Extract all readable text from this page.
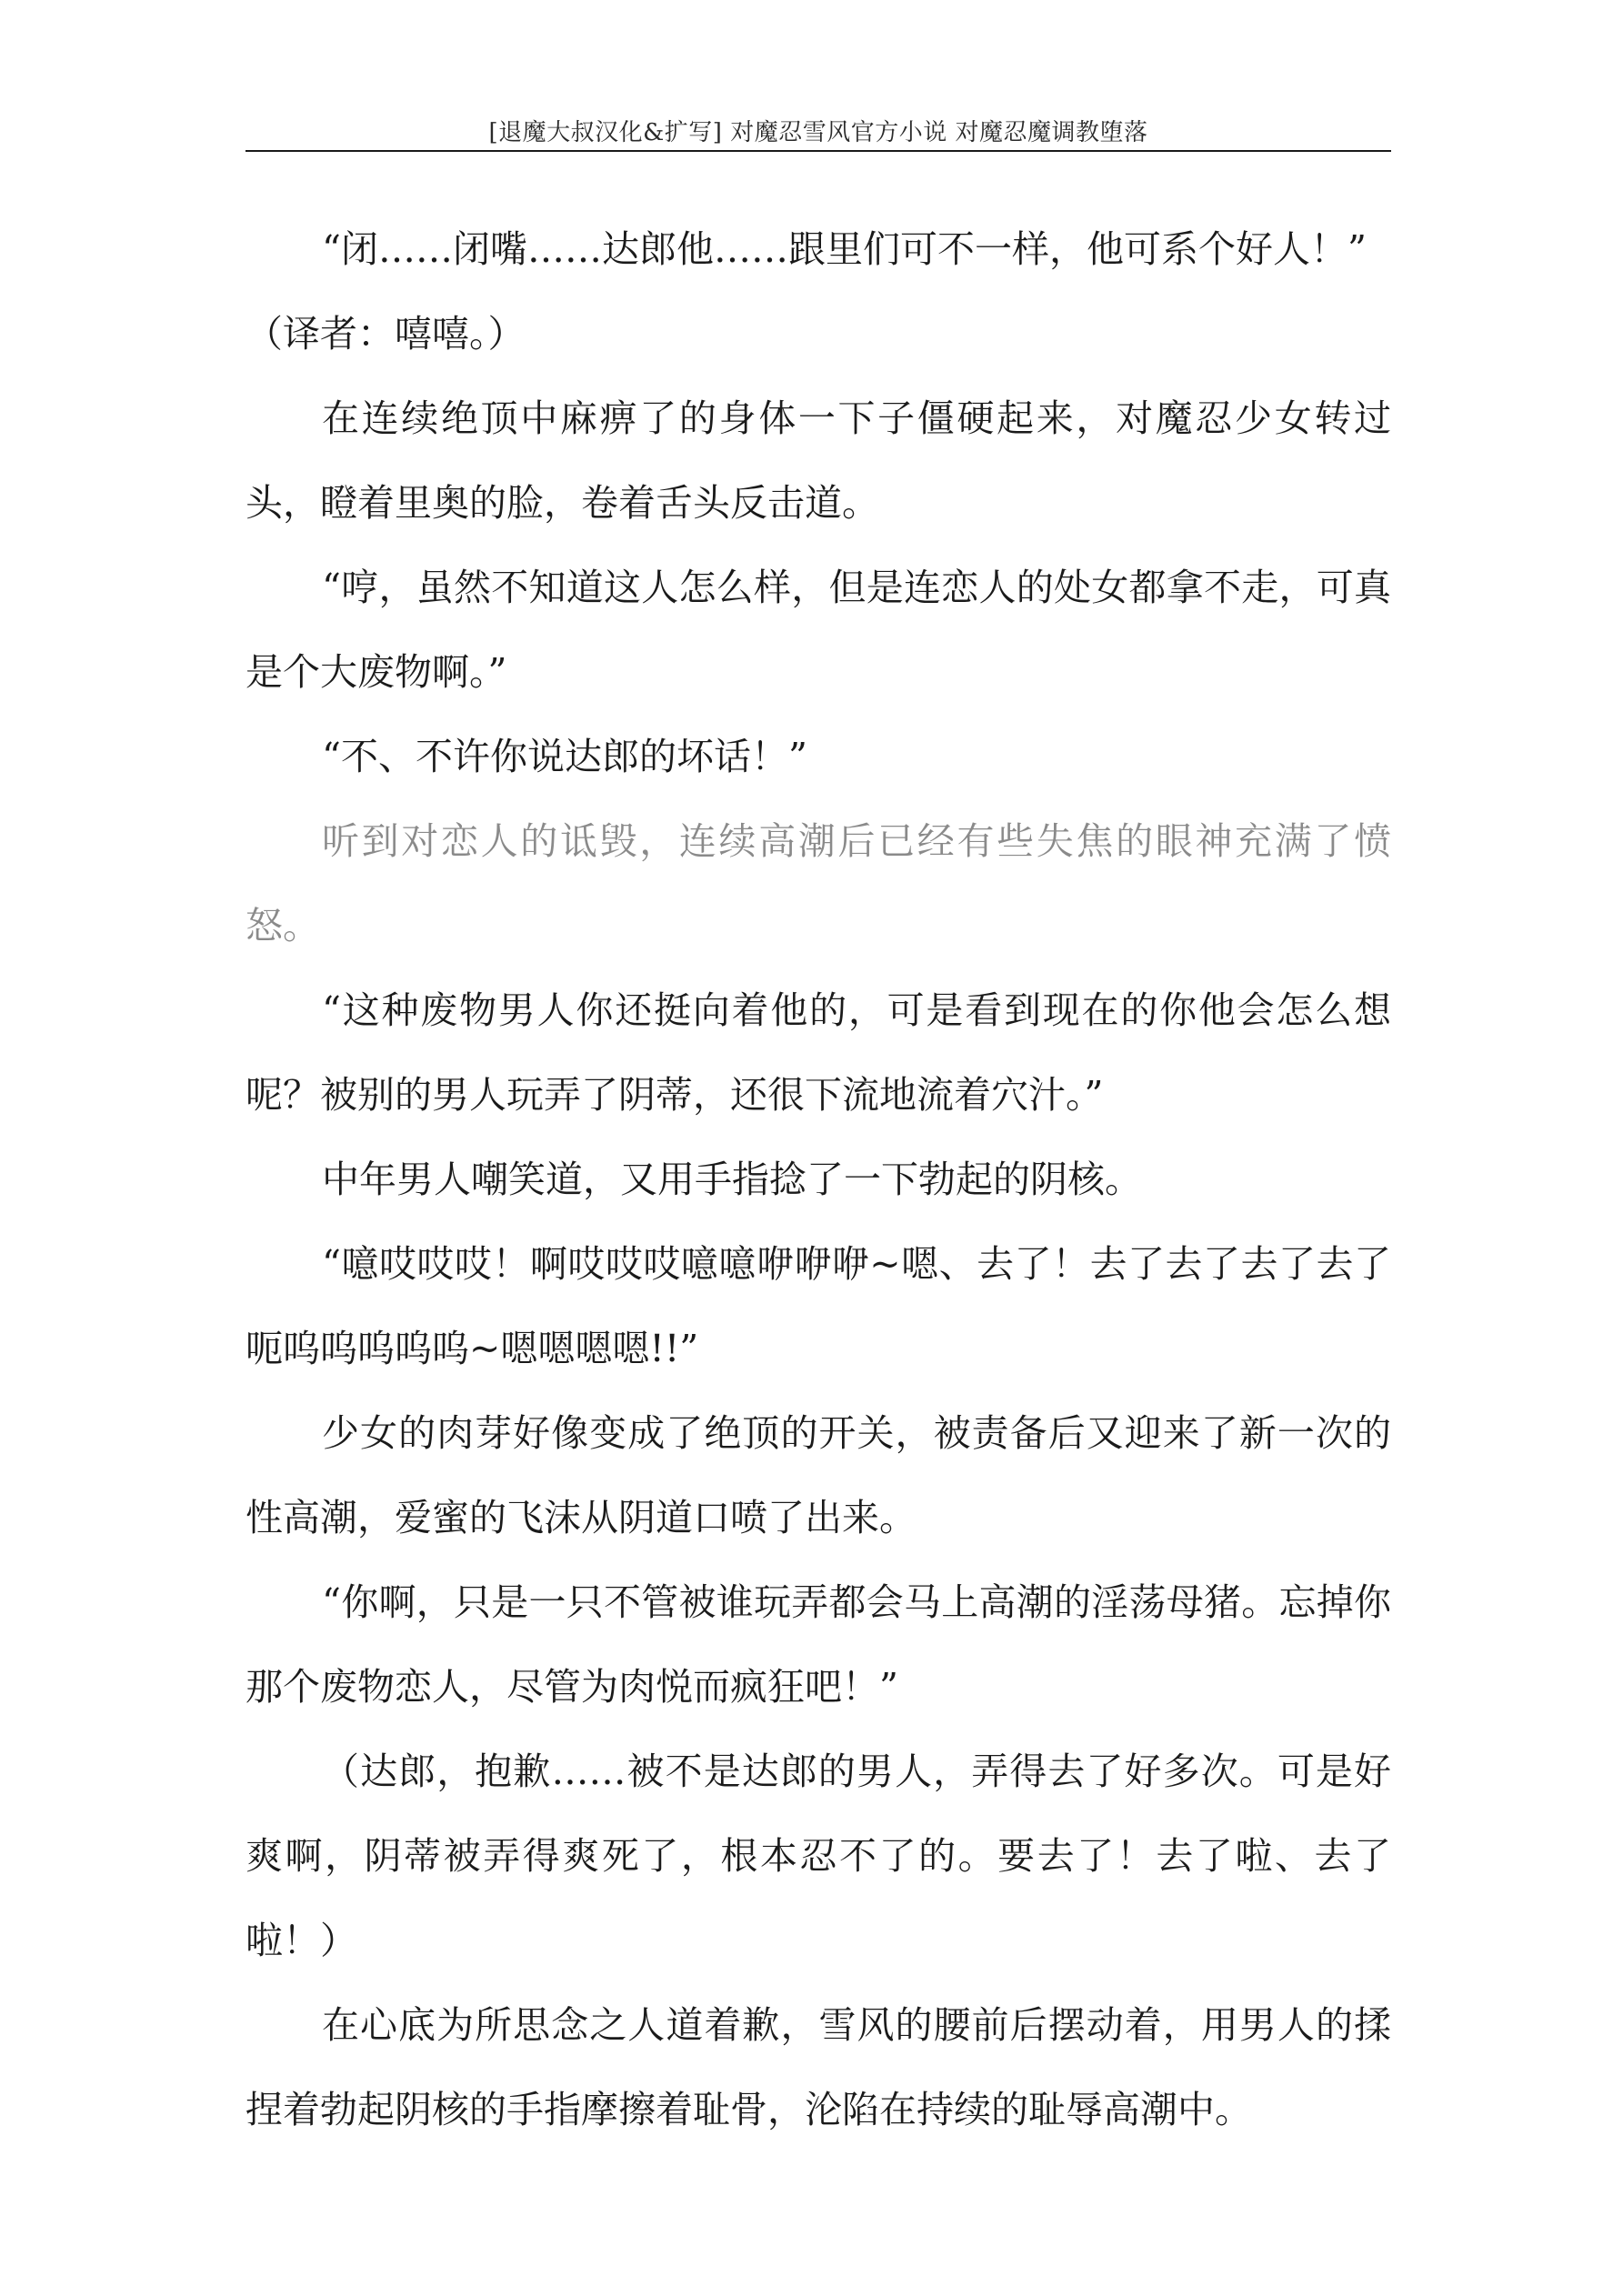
[退魔大叔汉化&扩写] 对魔忍雪风官方小说 对魔忍魔调教堕落

“闭……闭嘴……达郎他……跟里们可不一样，他可系个好人！”

（译者：嘻嘻。）

在连续绝顶中麻痹了的身体一下子僵硬起来，对魔忍少女转过头，瞪着里奥的脸，卷着舌头反击道。

“哼，虽然不知道这人怎么样，但是连恋人的处女都拿不走，可真是个大废物啊。”

“不、不许你说达郎的坏话！”

听到对恋人的诋毁，连续高潮后已经有些失焦的眼神充满了愤怒。

“这种废物男人你还挺向着他的，可是看到现在的你他会怎么想呢？被别的男人玩弄了阴蒂，还很下流地流着穴汁。”

中年男人嘲笑道，又用手指捻了一下勃起的阴核。

“噫哎哎哎！啊哎哎哎噫噫咿咿咿~嗯、去了！去了去了去了去了呃呜呜呜呜呜~嗯嗯嗯嗯!!”

少女的肉芽好像变成了绝顶的开关，被责备后又迎来了新一次的性高潮，爱蜜的飞沫从阴道口喷了出来。

“你啊，只是一只不管被谁玩弄都会马上高潮的淫荡母猪。忘掉你那个废物恋人，尽管为肉悦而疯狂吧！”

（达郎，抱歉……被不是达郎的男人，弄得去了好多次。可是好爽啊，阴蒂被弄得爽死了，根本忍不了的。要去了！去了啦、去了啦！）

在心底为所思念之人道着歉，雪风的腰前后摆动着，用男人的揉捏着勃起阴核的手指摩擦着耻骨，沦陷在持续的耻辱高潮中。
